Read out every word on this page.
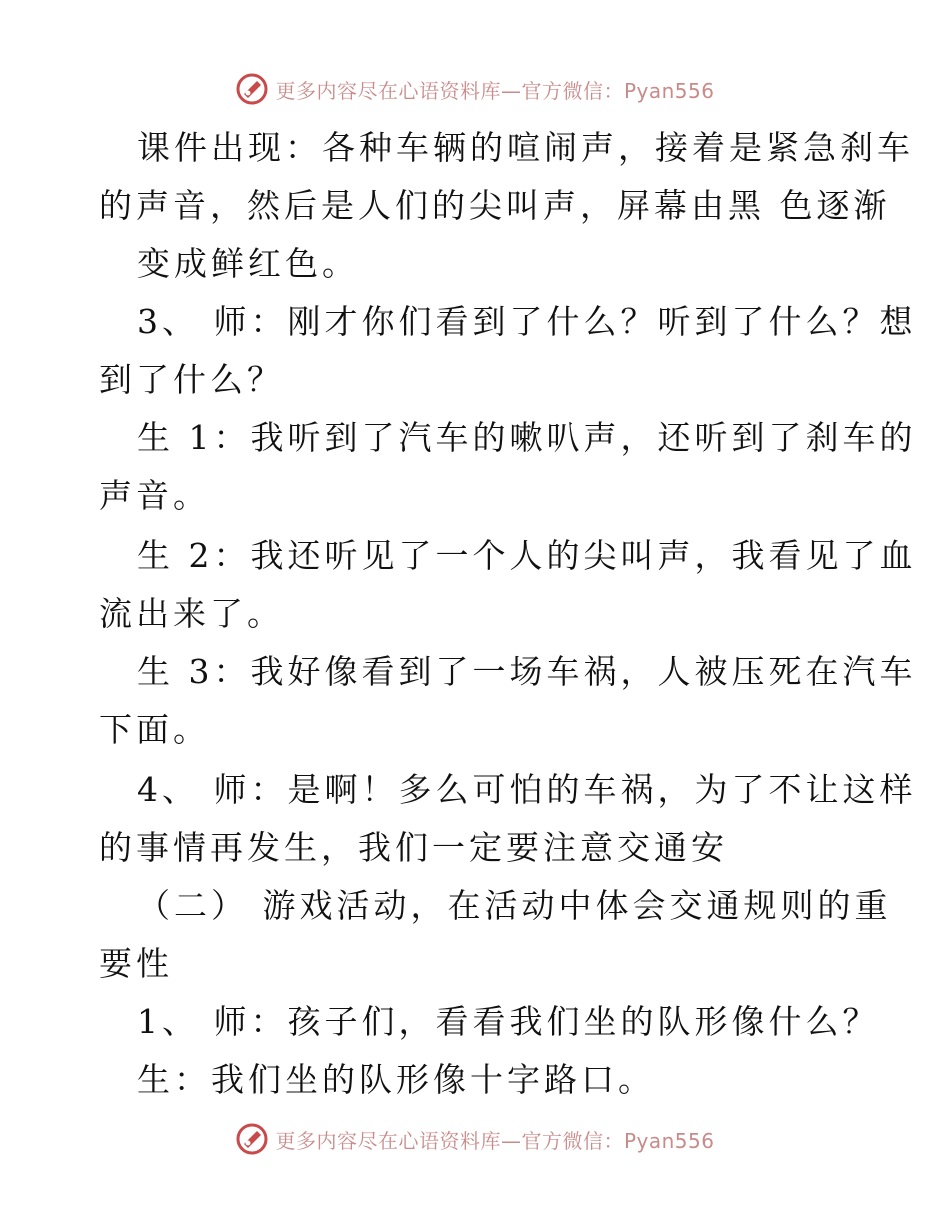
更多内容尽在心语资料库—官方微信：Pyan556
课件出现：各种车辆的喧闹声，接着是紧急刹车
的声音，然后是人们的尖叫声，屏幕由黑 色逐渐
变成鲜红色。
3、 师：刚才你们看到了什么？听到了什么？想
到了什么？
生 1：我听到了汽车的嗽叭声，还听到了刹车的
声音。
生 2：我还听见了一个人的尖叫声，我看见了血
流出来了。
生 3：我好像看到了一场车祸，人被压死在汽车
下面。
4、 师：是啊！多么可怕的车祸，为了不让这样
的事情再发生，我们一定要注意交通安
（二） 游戏活动，在活动中体会交通规则的重
要性
1、 师：孩子们，看看我们坐的队形像什么？
生：我们坐的队形像十字路口。
更多内容尽在心语资料库—官方微信：Pyan556
